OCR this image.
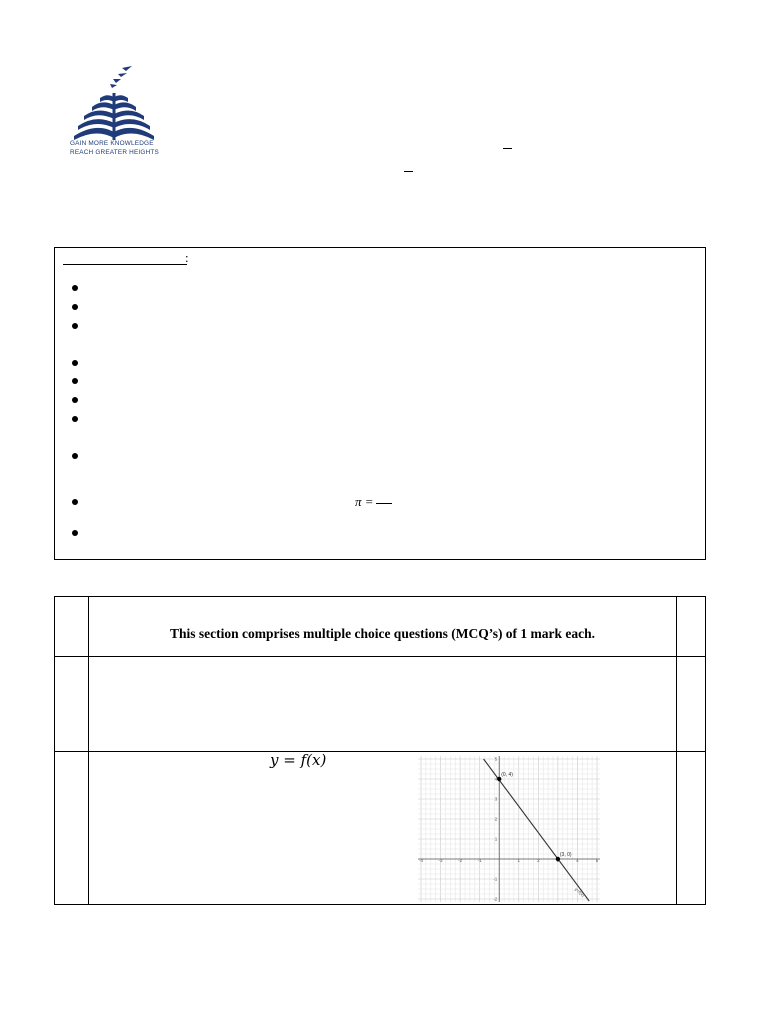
GAIN MORE KNOWLEDGE
REACH GREATER HEIGHTS
:
π =
This section comprises multiple choice questions (MCQ’s) of 1 mark each.
y = f(x)
-4	-3	-2	-1	1	2	4	5
-2
-1
1
2
3
4
5
y=f(x)
(0, 4)
(3, 0)
